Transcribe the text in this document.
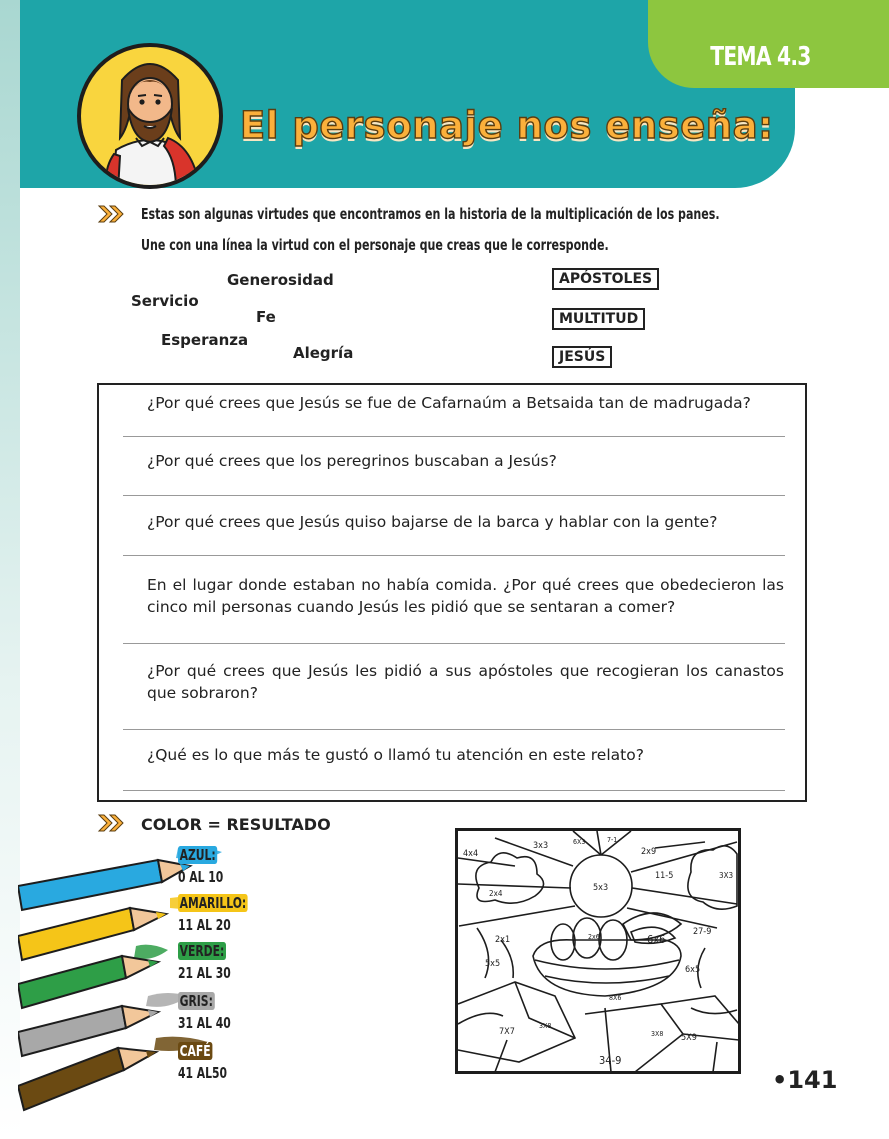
TEMA 4.3
El personaje nos enseña:
Estas son algunas virtudes que encontramos en la historia de la multiplicación de los panes.
Une con una línea la virtud con el personaje que creas que le corresponde.
Generosidad
Servicio
Fe
Esperanza
Alegría
APÓSTOLES
MULTITUD
JESÚS
¿Por qué crees que Jesús se fue de Cafarnaúm a Betsaida tan de madrugada?
¿Por qué crees que los peregrinos buscaban a Jesús?
¿Por qué crees que Jesús quiso bajarse de la barca y hablar con la gente?
En el lugar donde estaban no había comida. ¿Por qué crees que obedecieron las cinco mil personas cuando Jesús les pidió que se sentaran a comer?
¿Por qué crees que Jesús les pidió a sus apóstoles que recogieran los canastos que sobraron?
¿Qué es lo que más te gustó o llamó tu atención en este relato?
COLOR = RESULTADO
AZUL:
0 AL 10
AMARILLO:
11 AL 20
VERDE:
21 AL 30
GRIS:
31 AL 40
CAFÉ
41 AL50
4x4
3x3	6X3	7-1
2x9
5x3
11-5	3X3
2x4
2x6	6x6
27-9
2x1
5x5
6x5
8X6
7X7
3X8
3X8 5X9
34-9
•141
